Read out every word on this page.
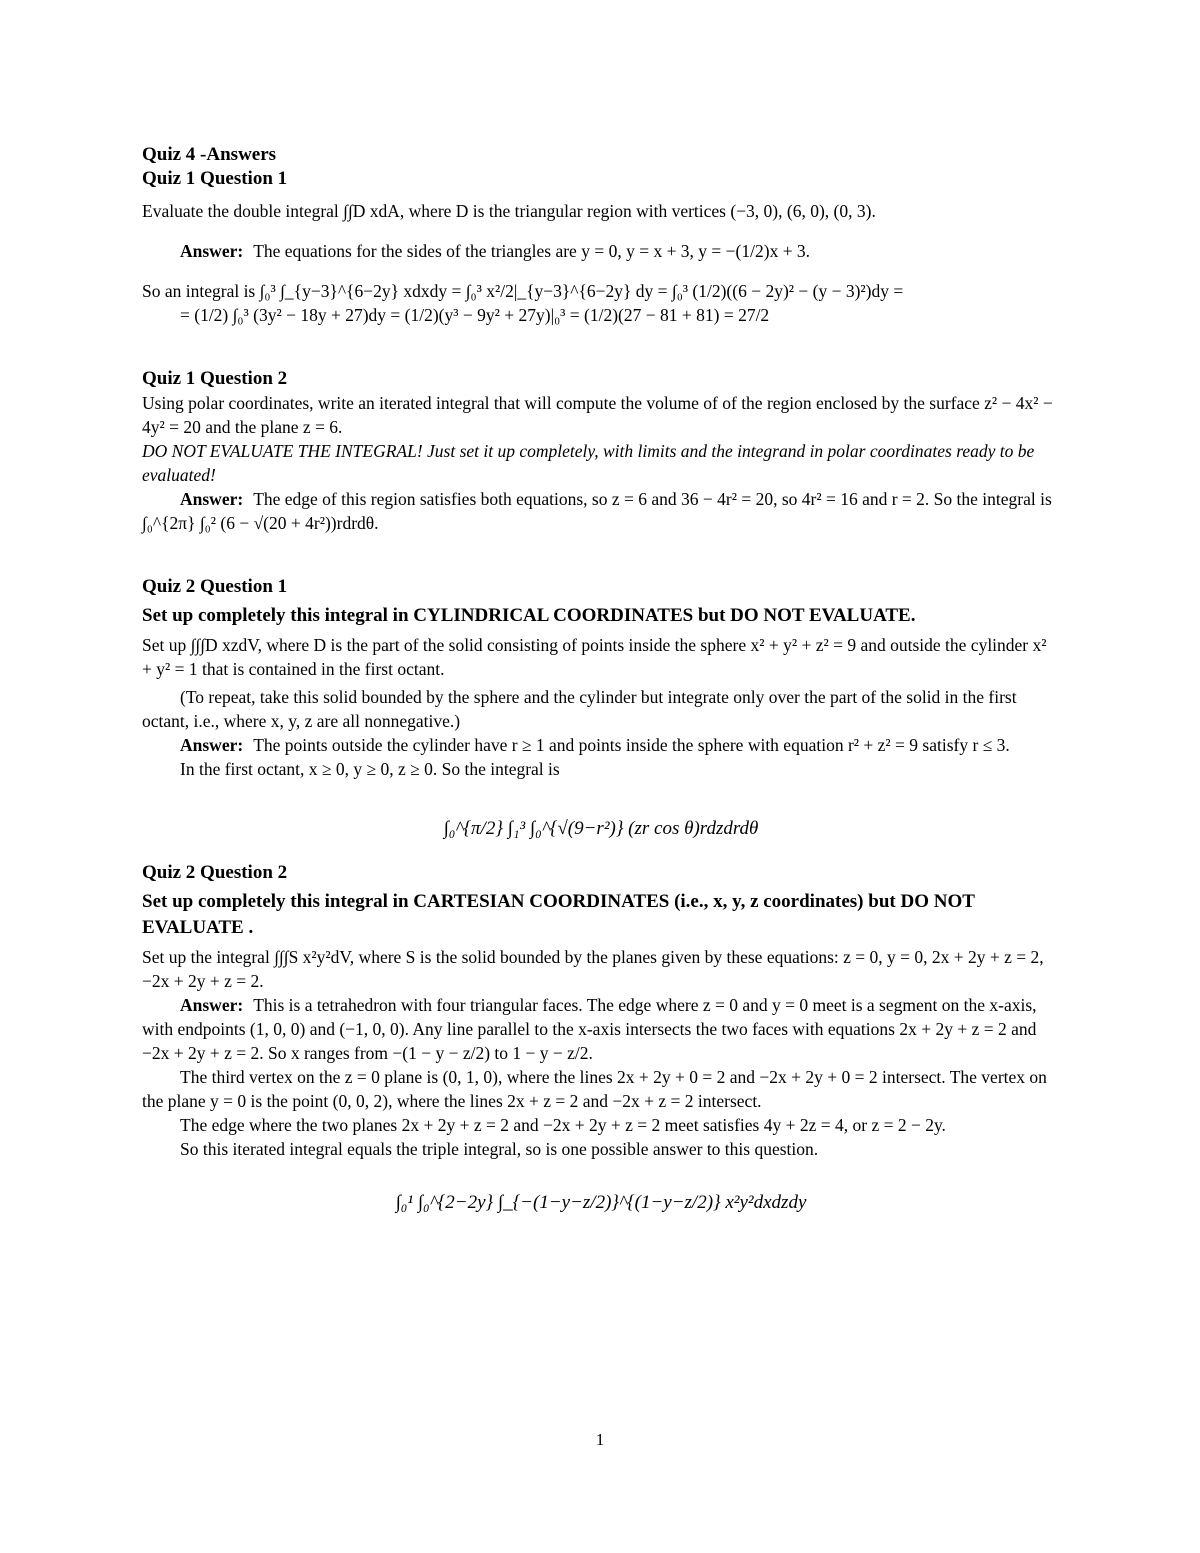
Quiz 4 -Answers

Quiz 1 Question 1

Evaluate the double integral ∫∫D xdA, where D is the triangular region with vertices (−3, 0), (6, 0), (0, 3).

Answer: The equations for the sides of the triangles are y = 0, y = x + 3, y = −(1/2)x + 3.

So an integral is ∫₀³ ∫_{y−3}^{6−2y} xdxdy = ∫₀³ x²/2|_{y−3}^{6−2y} dy = ∫₀³ (1/2)((6 − 2y)² − (y − 3)²)dy =

= (1/2) ∫₀³ (3y² − 18y + 27)dy = (1/2)(y³ − 9y² + 27y)|₀³ = (1/2)(27 − 81 + 81) = 27/2

Quiz 1 Question 2

Using polar coordinates, write an iterated integral that will compute the volume of of the region enclosed by the surface z² − 4x² − 4y² = 20 and the plane z = 6.

DO NOT EVALUATE THE INTEGRAL! Just set it up completely, with limits and the integrand in polar coordinates ready to be evaluated!

Answer: The edge of this region satisfies both equations, so z = 6 and 36 − 4r² = 20, so 4r² = 16 and r = 2. So the integral is ∫₀^{2π} ∫₀² (6 − √(20 + 4r²))rdrdθ.

Quiz 2 Question 1

Set up completely this integral in CYLINDRICAL COORDINATES but DO NOT EVALUATE.

Set up ∫∫∫D xzdV, where D is the part of the solid consisting of points inside the sphere x² + y² + z² = 9 and outside the cylinder x² + y² = 1 that is contained in the first octant.

(To repeat, take this solid bounded by the sphere and the cylinder but integrate only over the part of the solid in the first octant, i.e., where x, y, z are all nonnegative.)

Answer: The points outside the cylinder have r ≥ 1 and points inside the sphere with equation r² + z² = 9 satisfy r ≤ 3.

In the first octant, x ≥ 0, y ≥ 0, z ≥ 0. So the integral is

∫₀^{π/2} ∫₁³ ∫₀^{√(9−r²)} (zr cos θ)rdzdrdθ

Quiz 2 Question 2

Set up completely this integral in CARTESIAN COORDINATES (i.e., x, y, z coordinates) but DO NOT EVALUATE .

Set up the integral ∫∫∫S x²y²dV, where S is the solid bounded by the planes given by these equations: z = 0, y = 0, 2x + 2y + z = 2, −2x + 2y + z = 2.

Answer: This is a tetrahedron with four triangular faces. The edge where z = 0 and y = 0 meet is a segment on the x-axis, with endpoints (1, 0, 0) and (−1, 0, 0). Any line parallel to the x-axis intersects the two faces with equations 2x + 2y + z = 2 and −2x + 2y + z = 2. So x ranges from −(1 − y − z/2) to 1 − y − z/2.

The third vertex on the z = 0 plane is (0, 1, 0), where the lines 2x + 2y + 0 = 2 and −2x + 2y + 0 = 2 intersect. The vertex on the plane y = 0 is the point (0, 0, 2), where the lines 2x + z = 2 and −2x + z = 2 intersect.

The edge where the two planes 2x + 2y + z = 2 and −2x + 2y + z = 2 meet satisfies 4y + 2z = 4, or z = 2 − 2y.

So this iterated integral equals the triple integral, so is one possible answer to this question.

∫₀¹ ∫₀^{2−2y} ∫_{−(1−y−z/2)}^{(1−y−z/2)} x²y²dxdzdy

1
